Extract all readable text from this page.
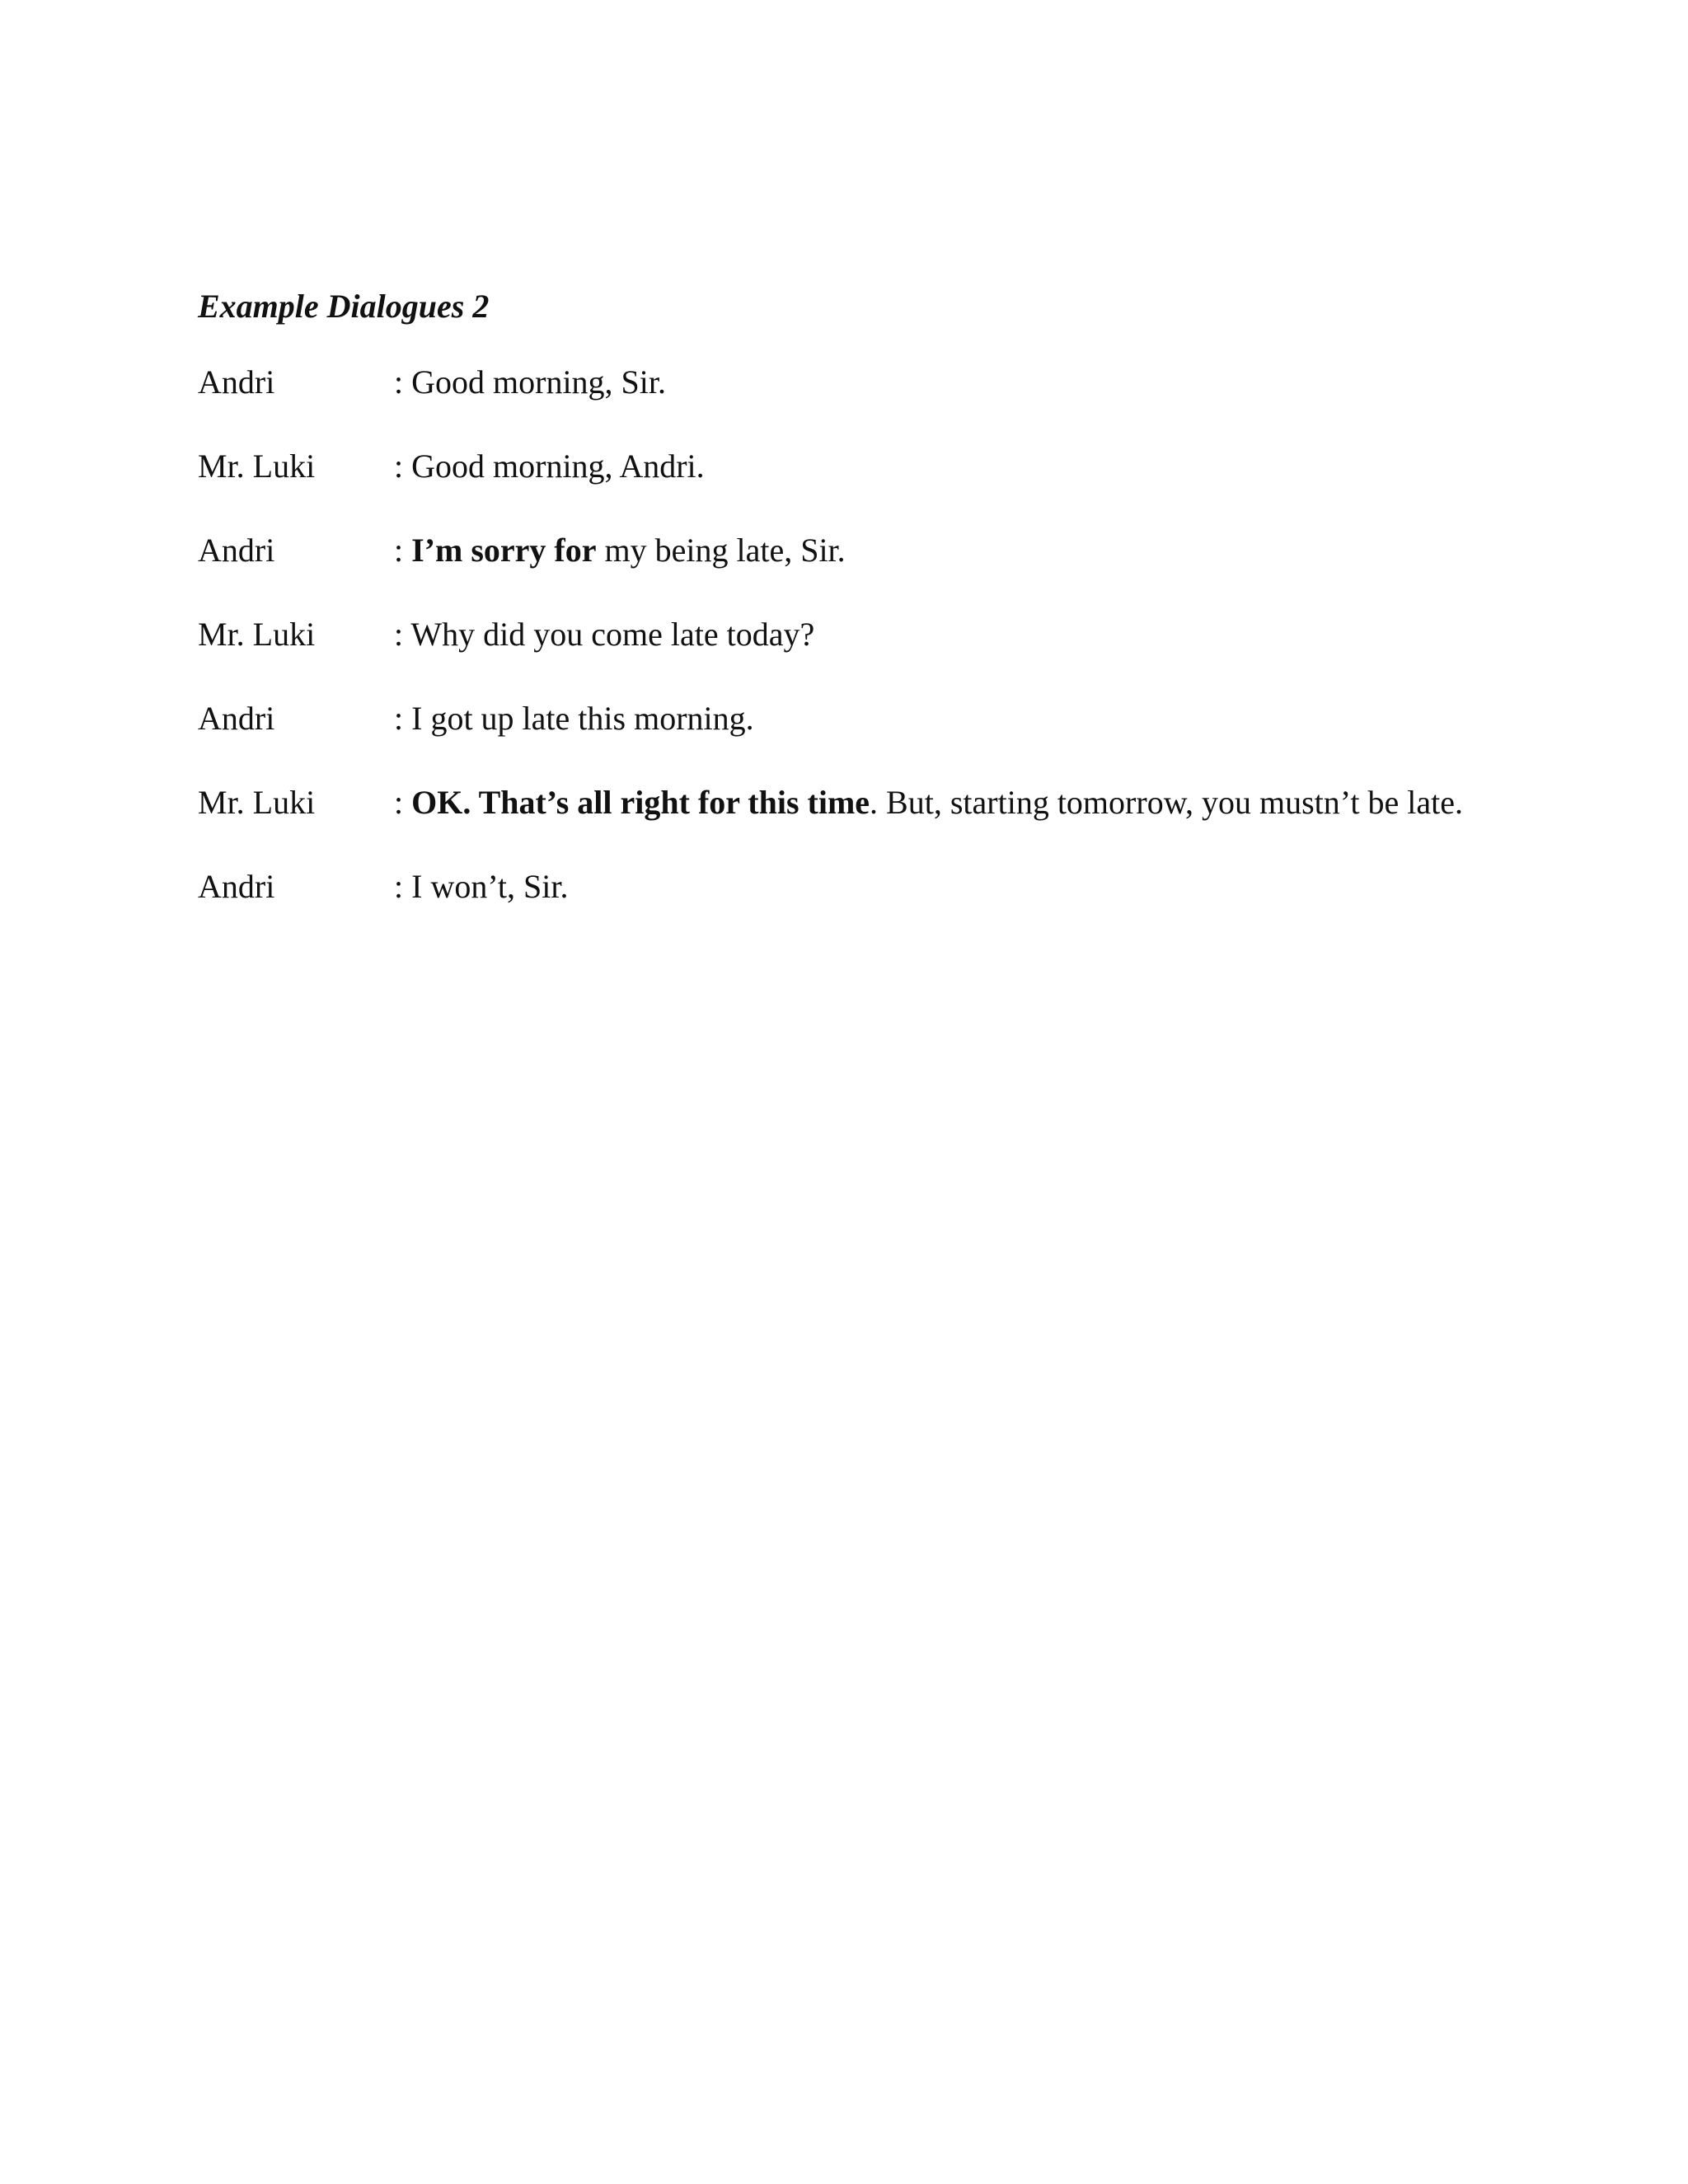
Example Dialogues 2
Andri	: Good morning, Sir.
Mr. Luki : Good morning, Andri.
Andri	: I’m sorry for my being late, Sir.
Mr. Luki : Why did you come late today?
Andri	: I got up late this morning.
Mr. Luki : OK. That’s all right for this time. But, starting tomorrow, you mustn’t be late.
Andri	: I won’t, Sir.
